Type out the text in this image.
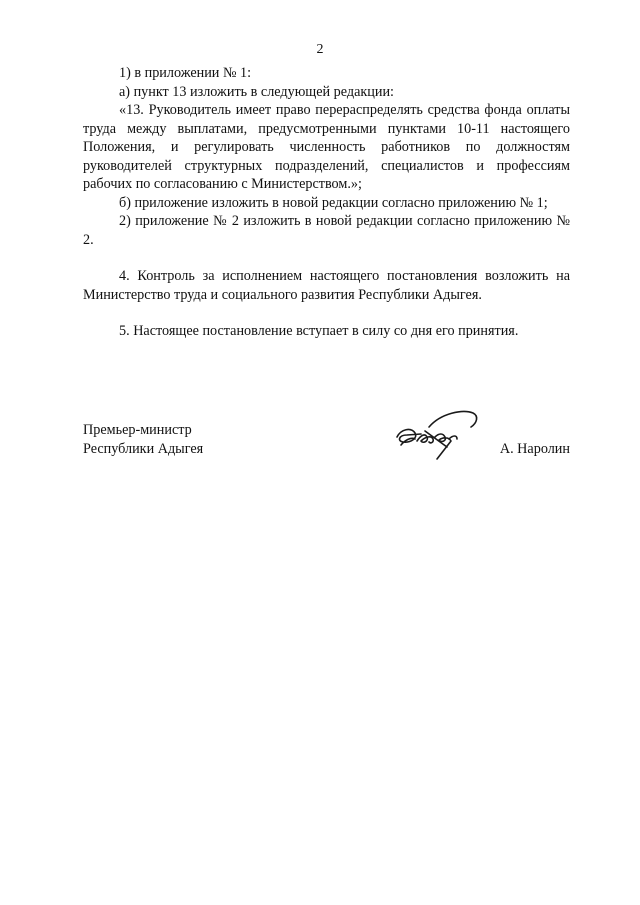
2

1) в приложении № 1:

а) пункт 13 изложить в следующей редакции:

«13. Руководитель имеет право перераспределять средства фонда оплаты труда между выплатами, предусмотренными пунктами 10-11 настоящего Положения, и регулировать численность работников по должностям руководителей структурных подразделений, специалистов и профессиям рабочих по согласованию с Министерством.»;

б) приложение изложить в новой редакции согласно приложению № 1;

2) приложение № 2 изложить в новой редакции согласно приложению № 2.

4. Контроль за исполнением настоящего постановления возложить на Министерство труда и социального развития Республики Адыгея.

5. Настоящее постановление вступает в силу со дня его принятия.

Премьер-министр
Республики Адыгея	А. Наролин
